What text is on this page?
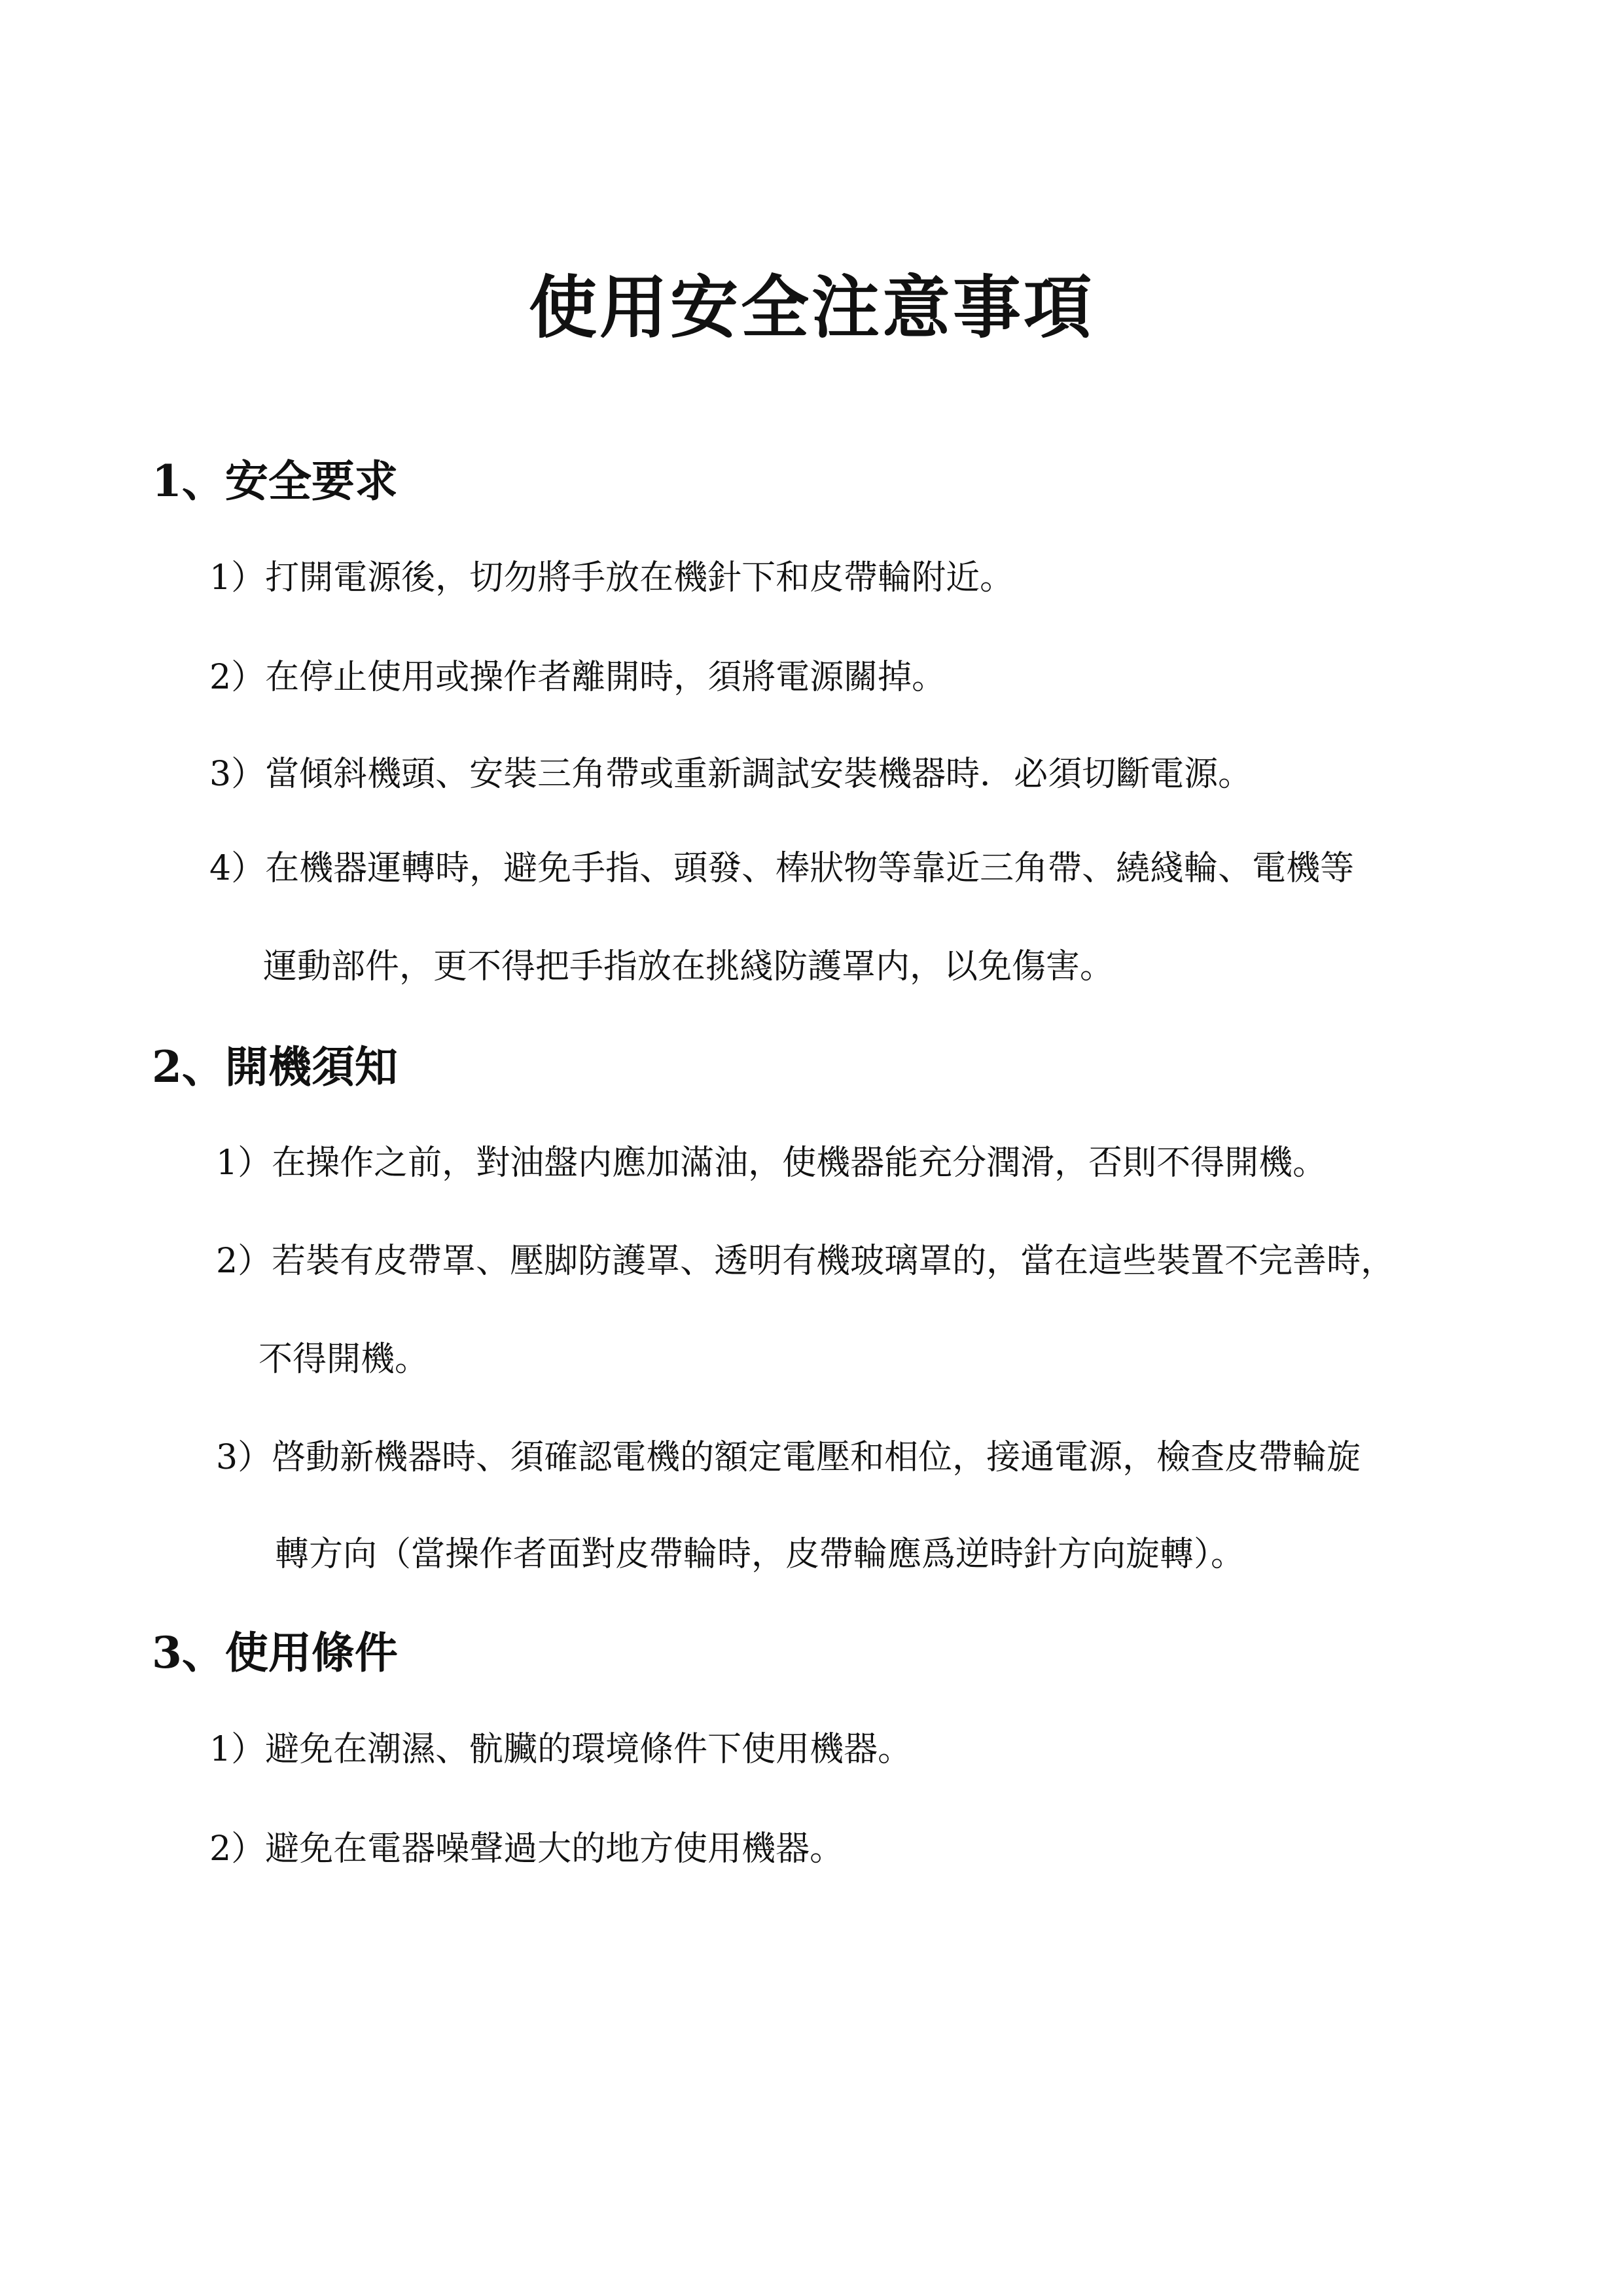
使用安全注意事項
1、安全要求
1）打開電源後，切勿將手放在機針下和皮帶輪附近。
2）在停止使用或操作者離開時，須將電源關掉。
3）當傾斜機頭、安裝三角帶或重新調試安裝機器時．必須切斷電源。
4）在機器運轉時，避免手指、頭發、棒狀物等靠近三角帶、繞綫輪、電機等
運動部件，更不得把手指放在挑綫防護罩内，以免傷害。
2、開機須知
1）在操作之前，對油盤内應加滿油，使機器能充分潤滑，否則不得開機。
2）若裝有皮帶罩、壓脚防護罩、透明有機玻璃罩的，當在這些裝置不完善時，
不得開機。
3）啓動新機器時、須確認電機的額定電壓和相位，接通電源，檢查皮帶輪旋
轉方向（當操作者面對皮帶輪時，皮帶輪應爲逆時針方向旋轉）。
3、使用條件
1）避免在潮濕、骯臟的環境條件下使用機器。
2）避免在電器噪聲過大的地方使用機器。
